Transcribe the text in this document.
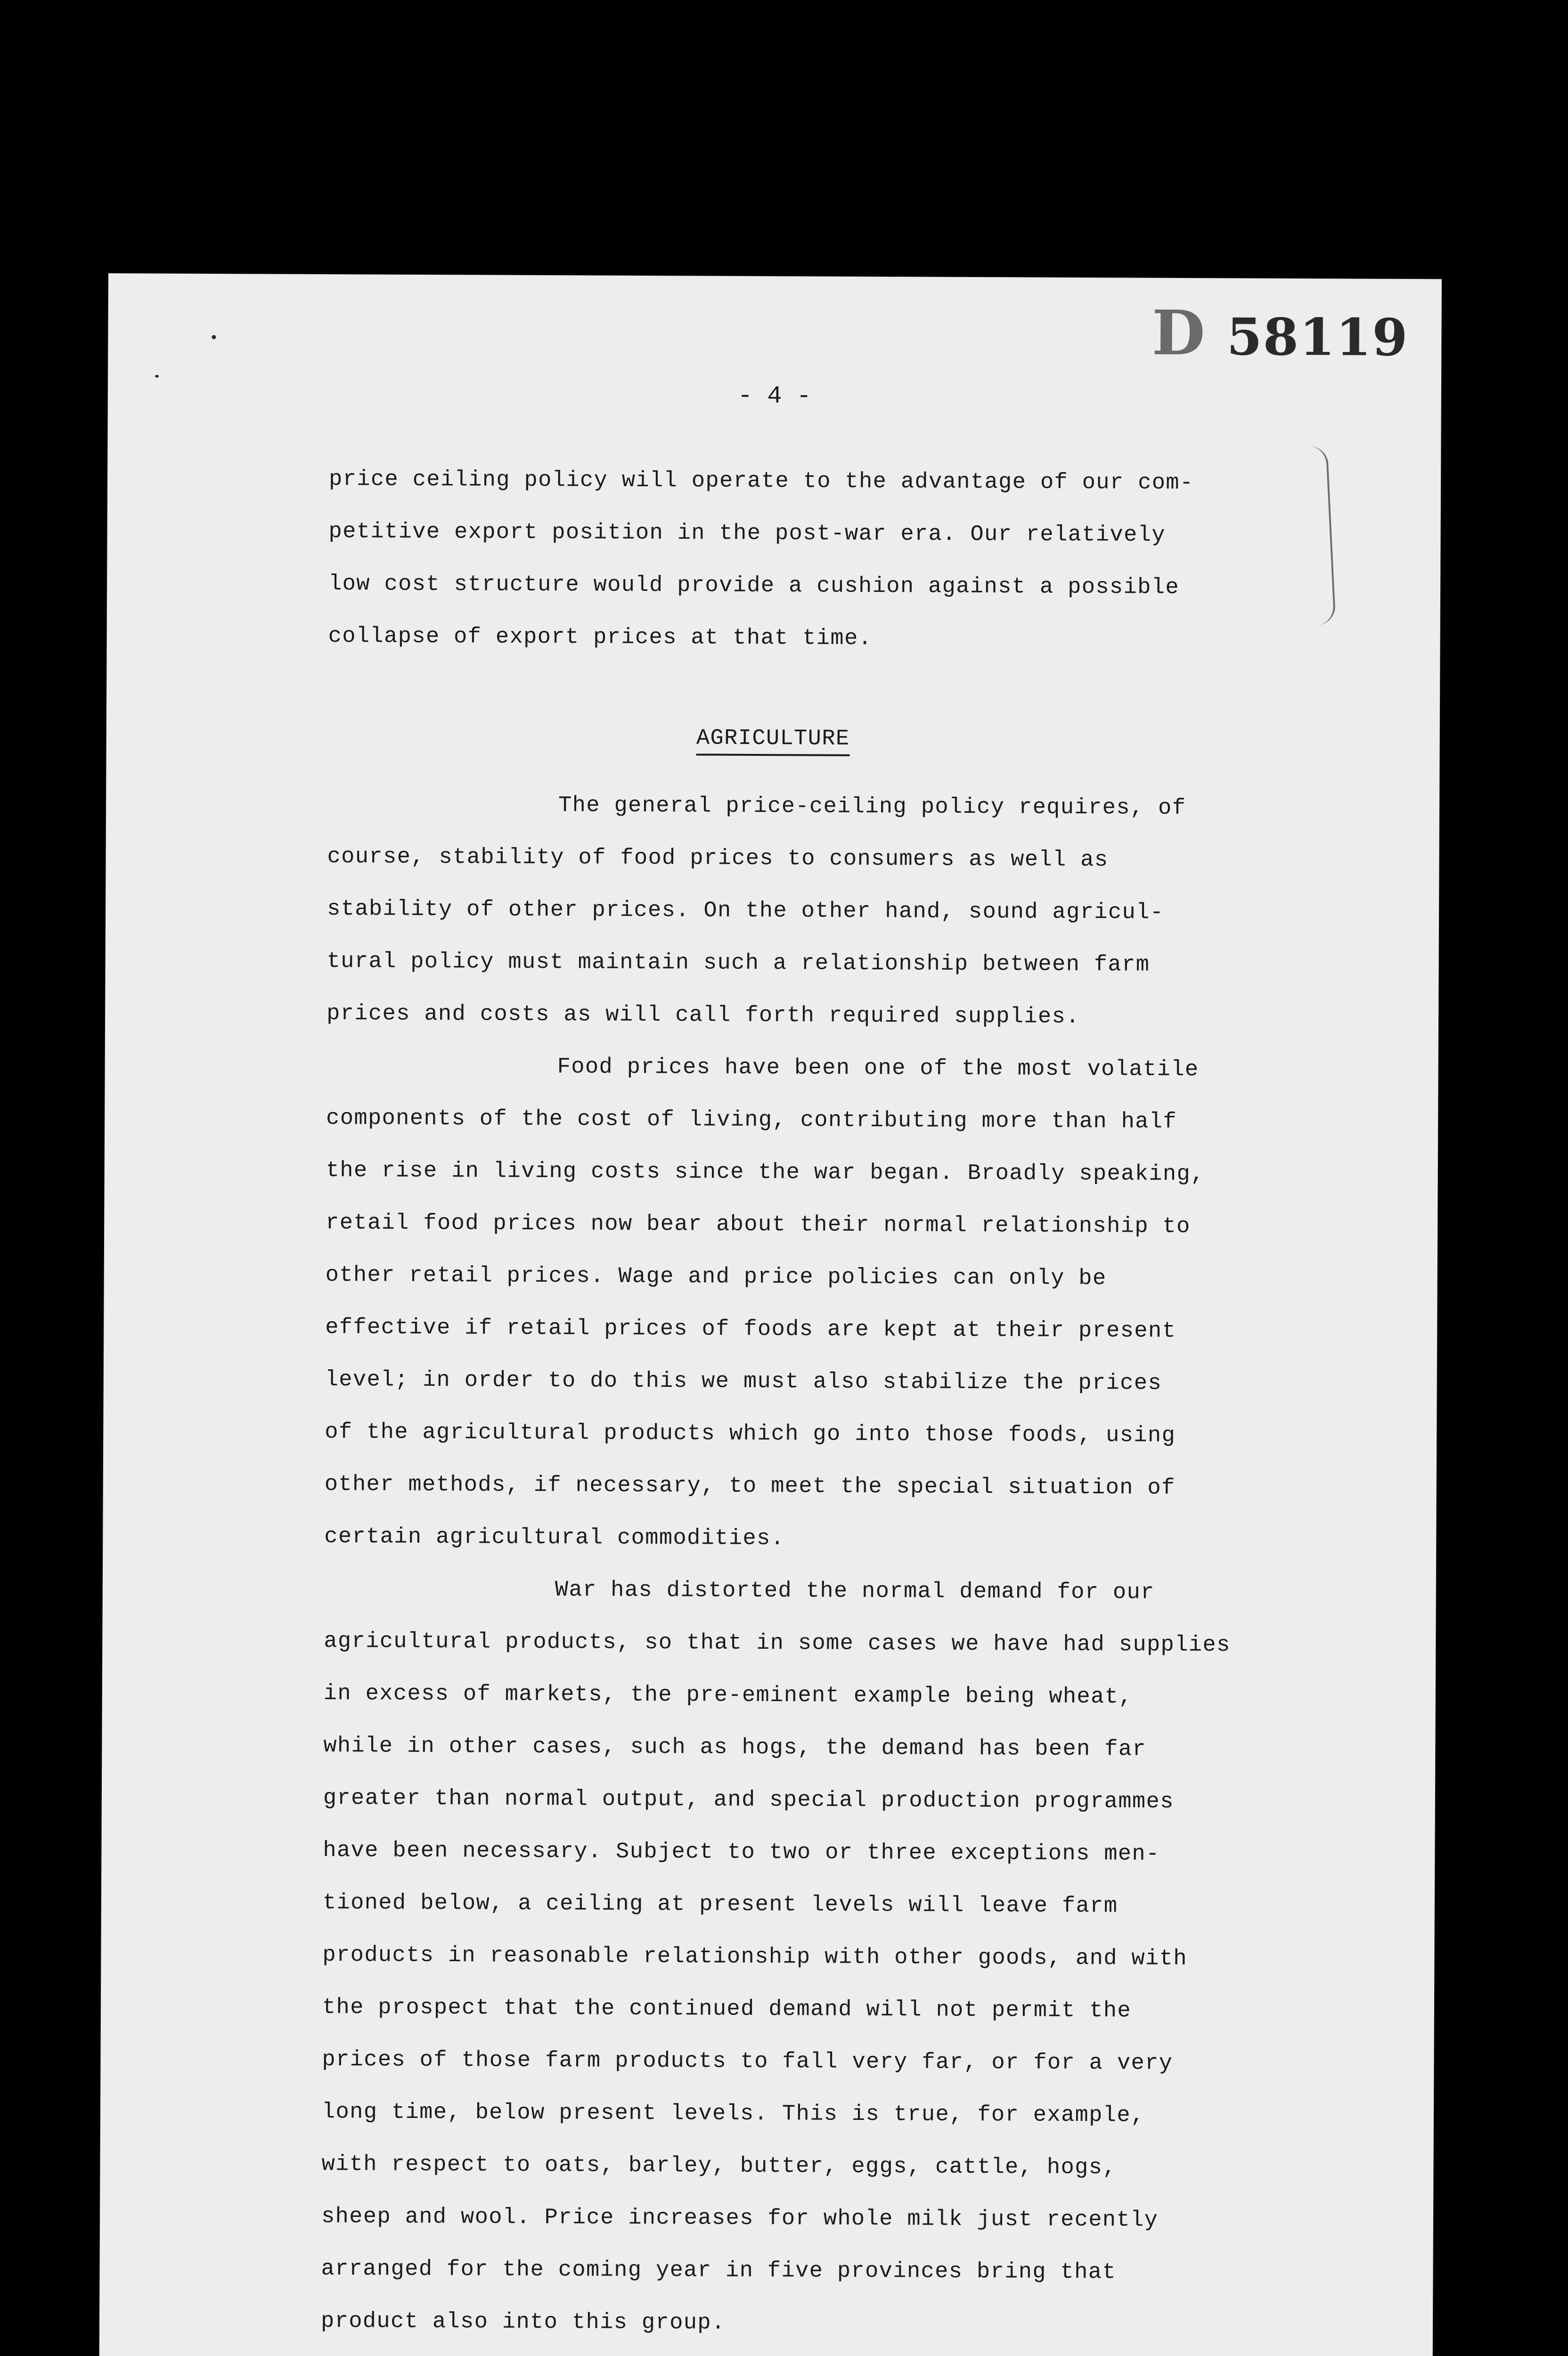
D 58119
- 4 -
price ceiling policy will operate to the advantage of our com-
petitive export position in the post-war era. Our relatively
low cost structure would provide a cushion against a possible
collapse of export prices at that time.
AGRICULTURE
The general price-ceiling policy requires, of
course, stability of food prices to consumers as well as
stability of other prices. On the other hand, sound agricul-
tural policy must maintain such a relationship between farm
prices and costs as will call forth required supplies.
Food prices have been one of the most volatile
components of the cost of living, contributing more than half
the rise in living costs since the war began. Broadly speaking,
retail food prices now bear about their normal relationship to
other retail prices. Wage and price policies can only be
effective if retail prices of foods are kept at their present
level; in order to do this we must also stabilize the prices
of the agricultural products which go into those foods, using
other methods, if necessary, to meet the special situation of
certain agricultural commodities.
War has distorted the normal demand for our
agricultural products, so that in some cases we have had supplies
in excess of markets, the pre-eminent example being wheat,
while in other cases, such as hogs, the demand has been far
greater than normal output, and special production programmes
have been necessary. Subject to two or three exceptions men-
tioned below, a ceiling at present levels will leave farm
products in reasonable relationship with other goods, and with
the prospect that the continued demand will not permit the
prices of those farm products to fall very far, or for a very
long time, below present levels. This is true, for example,
with respect to oats, barley, butter, eggs, cattle, hogs,
sheep and wool. Price increases for whole milk just recently
arranged for the coming year in five provinces bring that
product also into this group.
